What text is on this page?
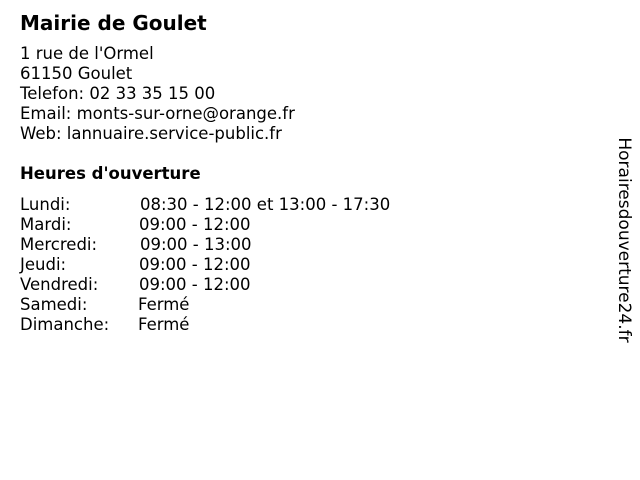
Mairie de Goulet
1 rue de l'Ormel
61150 Goulet
Telefon: 02 33 35 15 00
Email: monts-sur-orne@orange.fr
Web: lannuaire.service-public.fr
Heures d'ouverture
Lundi:	08:30 - 12:00 et 13:00 - 17:30
Mardi:	09:00 - 12:00
Mercredi:	09:00 - 13:00
Jeudi:	09:00 - 12:00
Vendredi: 09:00 - 12:00
Samedi:	Fermé
Dimanche: Fermé	Horairesdouverture24.fr
